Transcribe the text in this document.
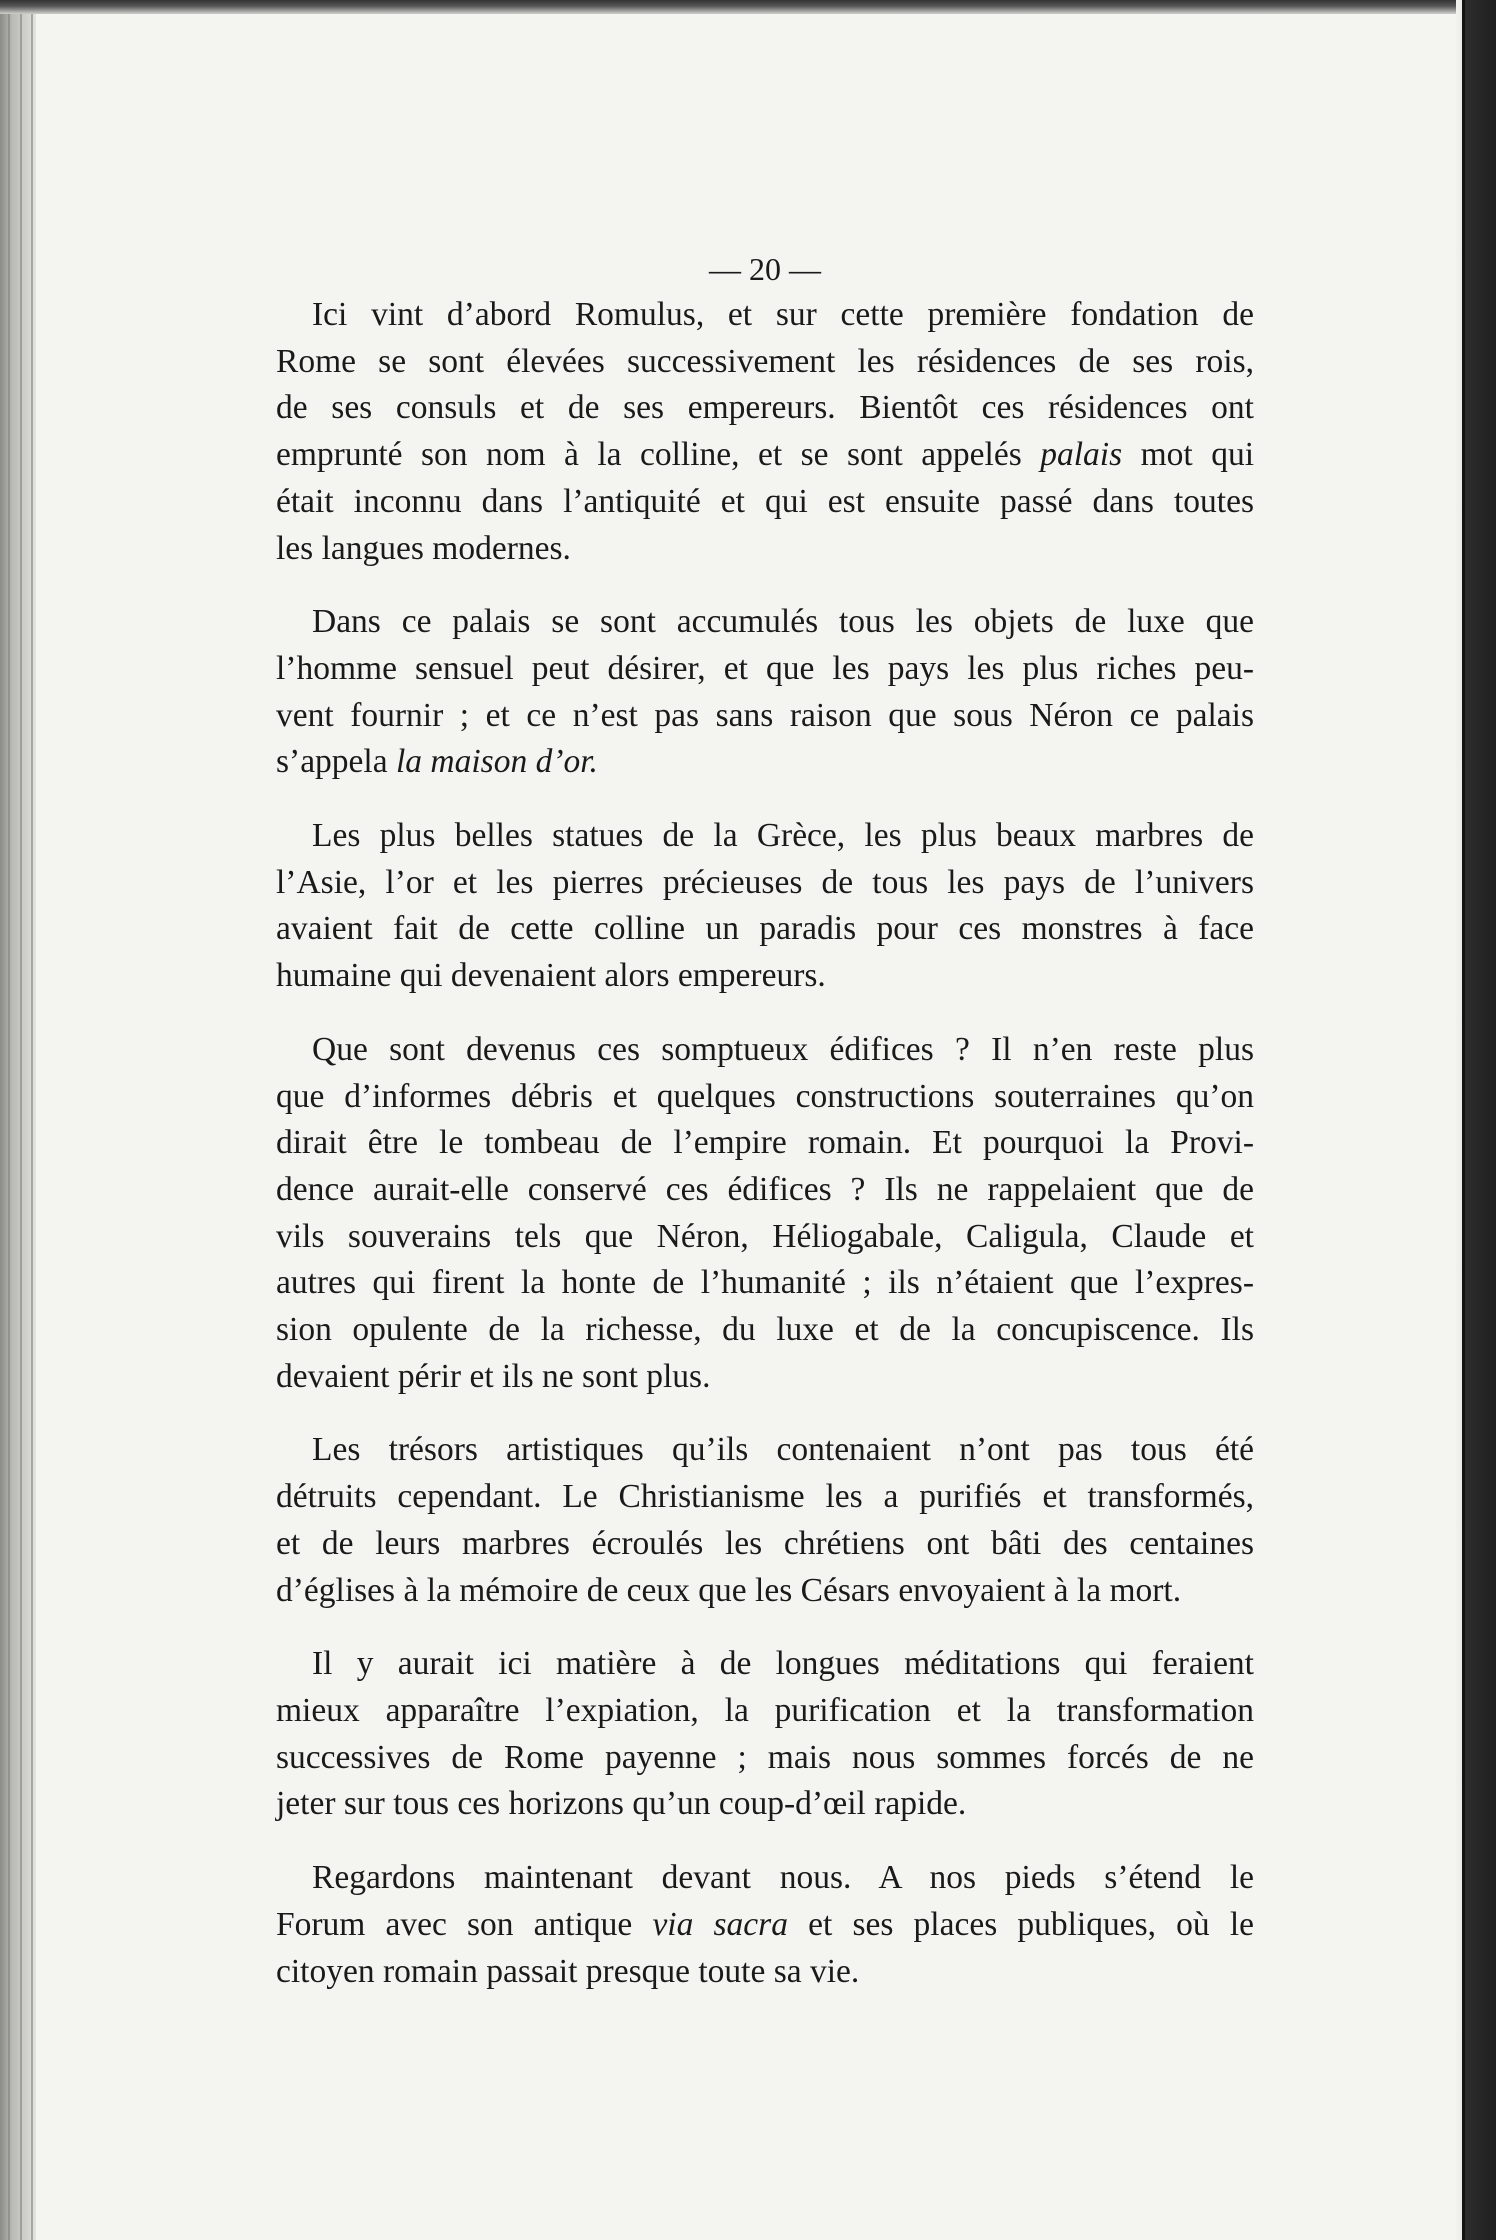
— 20 —
Ici vint d’abord Romulus, et sur cette première fondation de
Rome se sont élevées successivement les résidences de ses rois,
de ses consuls et de ses empereurs. Bientôt ces résidences ont
emprunté son nom à la colline, et se sont appelés palais mot qui
était inconnu dans l’antiquité et qui est ensuite passé dans toutes
les langues modernes.
Dans ce palais se sont accumulés tous les objets de luxe que
l’homme sensuel peut désirer, et que les pays les plus riches peu-
vent fournir ; et ce n’est pas sans raison que sous Néron ce palais
s’appela la maison d’or.
Les plus belles statues de la Grèce, les plus beaux marbres de
l’Asie, l’or et les pierres précieuses de tous les pays de l’univers
avaient fait de cette colline un paradis pour ces monstres à face
humaine qui devenaient alors empereurs.
Que sont devenus ces somptueux édifices ? Il n’en reste plus
que d’informes débris et quelques constructions souterraines qu’on
dirait être le tombeau de l’empire romain. Et pourquoi la Provi-
dence aurait-elle conservé ces édifices ? Ils ne rappelaient que de
vils souverains tels que Néron, Héliogabale, Caligula, Claude et
autres qui firent la honte de l’humanité ; ils n’étaient que l’expres-
sion opulente de la richesse, du luxe et de la concupiscence. Ils
devaient périr et ils ne sont plus.
Les trésors artistiques qu’ils contenaient n’ont pas tous été
détruits cependant. Le Christianisme les a purifiés et transformés,
et de leurs marbres écroulés les chrétiens ont bâti des centaines
d’églises à la mémoire de ceux que les Césars envoyaient à la mort.
Il y aurait ici matière à de longues méditations qui feraient
mieux apparaître l’expiation, la purification et la transformation
successives de Rome payenne ; mais nous sommes forcés de ne
jeter sur tous ces horizons qu’un coup-d’œil rapide.
Regardons maintenant devant nous. A nos pieds s’étend le
Forum avec son antique via sacra et ses places publiques, où le
citoyen romain passait presque toute sa vie.
